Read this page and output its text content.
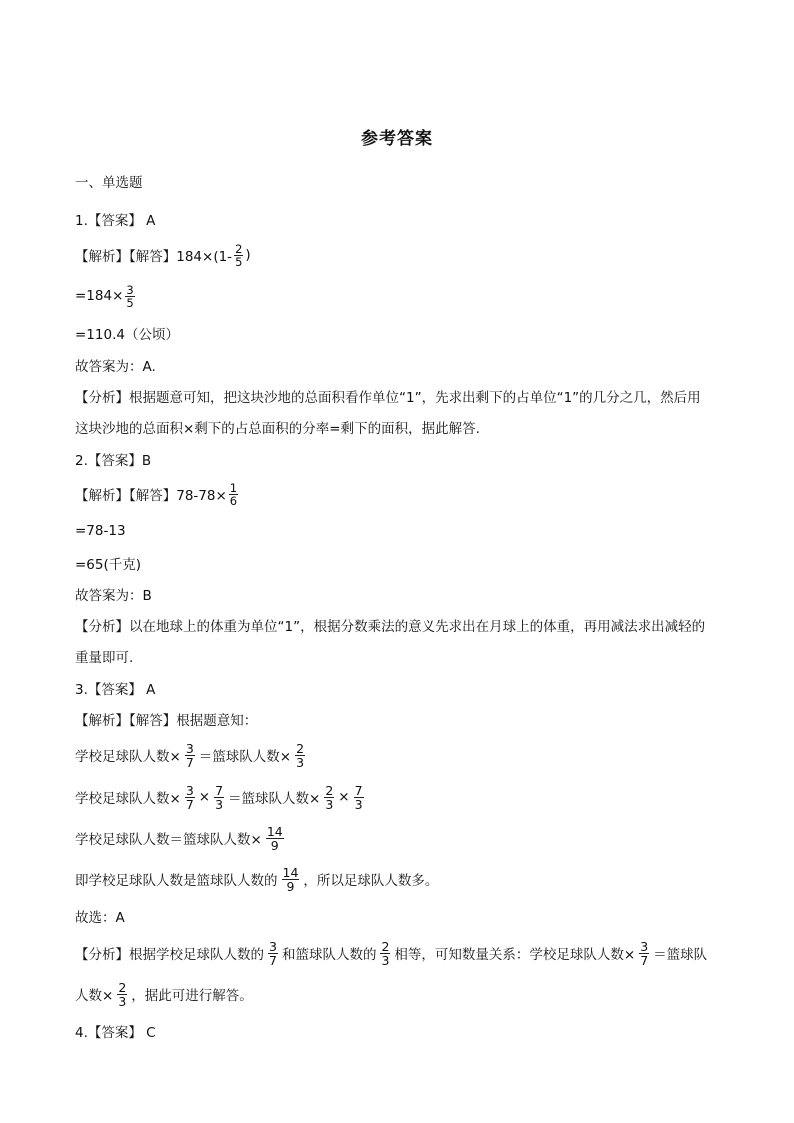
参考答案
一、单选题
1.【答案】 A
【解析】【解答】$184\times(1- \frac{2}{5}$ )
$=184\times \frac{3}{5}$
=110.4（公顷）
故答案为：A.
【分析】根据题意可知，把这块沙地的总面积看作单位“1”，先求出剩下的占单位“1”的几分之几，然后用
这块沙地的总面积×剩下的占总面积的分率=剩下的面积，据此解答.
2.【答案】B
【解析】【解答】$78-78\times \frac{1}{6}$
=78-13
=65(千克)
故答案为：B
【分析】以在地球上的体重为单位“1”，根据分数乘法的意义先求出在月球上的体重，再用减法求出减轻的
重量即可.
3.【答案】 A
【解析】【解答】根据题意知：
学校足球队人数× $\frac{3}{7}$ ＝篮球队人数× $\frac{2}{3}$
学校足球队人数× $\frac{3}{7} \times \frac{7}{3}$ ＝篮球队人数× $\frac{2}{3} \times \frac{7}{3}$
学校足球队人数＝篮球队人数× $\frac{14}{9}$
即学校足球队人数是篮球队人数的 $\frac{14}{9}$ ，所以足球队人数多。
故选：A
【分析】根据学校足球队人数的 $\frac{3}{7}$ 和篮球队人数的 $\frac{2}{3}$ 相等，可知数量关系：学校足球队人数× $\frac{3}{7}$ ＝篮球队
人数× $\frac{2}{3}$ ，据此可进行解答。
4.【答案】 C
